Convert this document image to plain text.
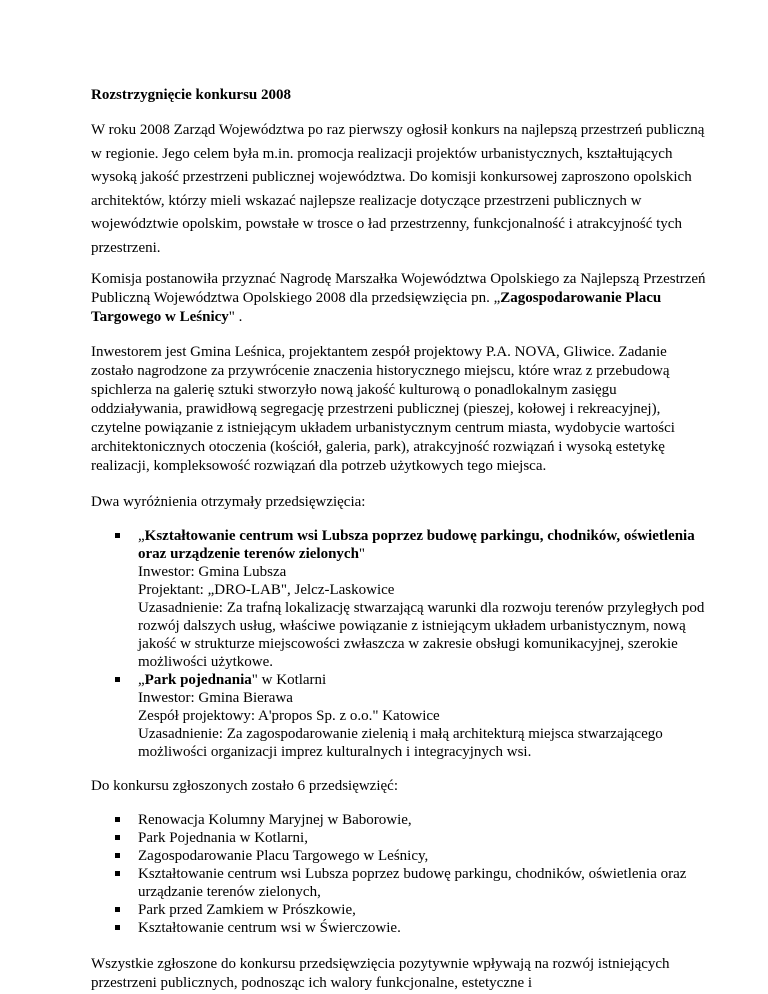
Rozstrzygnięcie konkursu 2008

W roku 2008 Zarząd Województwa po raz pierwszy ogłosił konkurs na najlepszą przestrzeń publiczną w regionie. Jego celem była m.in. promocja realizacji projektów urbanistycznych, kształtujących wysoką jakość przestrzeni publicznej województwa. Do komisji konkursowej zaproszono opolskich architektów, którzy mieli wskazać najlepsze realizacje dotyczące przestrzeni publicznych w województwie opolskim, powstałe w trosce o ład przestrzenny, funkcjonalność i atrakcyjność tych przestrzeni.

Komisja postanowiła przyznać Nagrodę Marszałka Województwa Opolskiego za Najlepszą Przestrzeń Publiczną Województwa Opolskiego 2008 dla przedsięwzięcia pn. „Zagospodarowanie Placu Targowego w Leśnicy" .

Inwestorem jest Gmina Leśnica, projektantem zespół projektowy P.A. NOVA, Gliwice. Zadanie zostało nagrodzone za przywrócenie znaczenia historycznego miejscu, które wraz z przebudową spichlerza na galerię sztuki stworzyło nową jakość kulturową o ponadlokalnym zasięgu oddziaływania, prawidłową segregację przestrzeni publicznej (pieszej, kołowej i rekreacyjnej), czytelne powiązanie z istniejącym układem urbanistycznym centrum miasta, wydobycie wartości architektonicznych otoczenia (kościół, galeria, park), atrakcyjność rozwiązań i wysoką estetykę realizacji, kompleksowość rozwiązań dla potrzeb użytkowych tego miejsca.

Dwa wyróżnienia otrzymały przedsięwzięcia:

„Kształtowanie centrum wsi Lubsza poprzez budowę parkingu, chodników, oświetlenia oraz urządzenie terenów zielonych"
Inwestor: Gmina Lubsza
Projektant: „DRO-LAB", Jelcz-Laskowice
Uzasadnienie: Za trafną lokalizację stwarzającą warunki dla rozwoju terenów przyległych pod rozwój dalszych usług, właściwe powiązanie z istniejącym układem urbanistycznym, nową jakość w strukturze miejscowości zwłaszcza w zakresie obsługi komunikacyjnej, szerokie możliwości użytkowe.
„Park pojednania" w Kotlarni
Inwestor: Gmina Bierawa
Zespół projektowy: A'propos Sp. z o.o." Katowice
Uzasadnienie: Za zagospodarowanie zielenią i małą architekturą miejsca stwarzającego możliwości organizacji imprez kulturalnych i integracyjnych wsi.

Do konkursu zgłoszonych zostało 6 przedsięwzięć:

Renowacja Kolumny Maryjnej w Baborowie,
Park Pojednania w Kotlarni,
Zagospodarowanie Placu Targowego w Leśnicy,
Kształtowanie centrum wsi Lubsza poprzez budowę parkingu, chodników, oświetlenia oraz urządzanie terenów zielonych,
Park przed Zamkiem w Prószkowie,
Kształtowanie centrum wsi w Świerczowie.

Wszystkie zgłoszone do konkursu przedsięwzięcia pozytywnie wpływają na rozwój istniejących przestrzeni publicznych, podnosząc ich walory funkcjonalne, estetyczne i
